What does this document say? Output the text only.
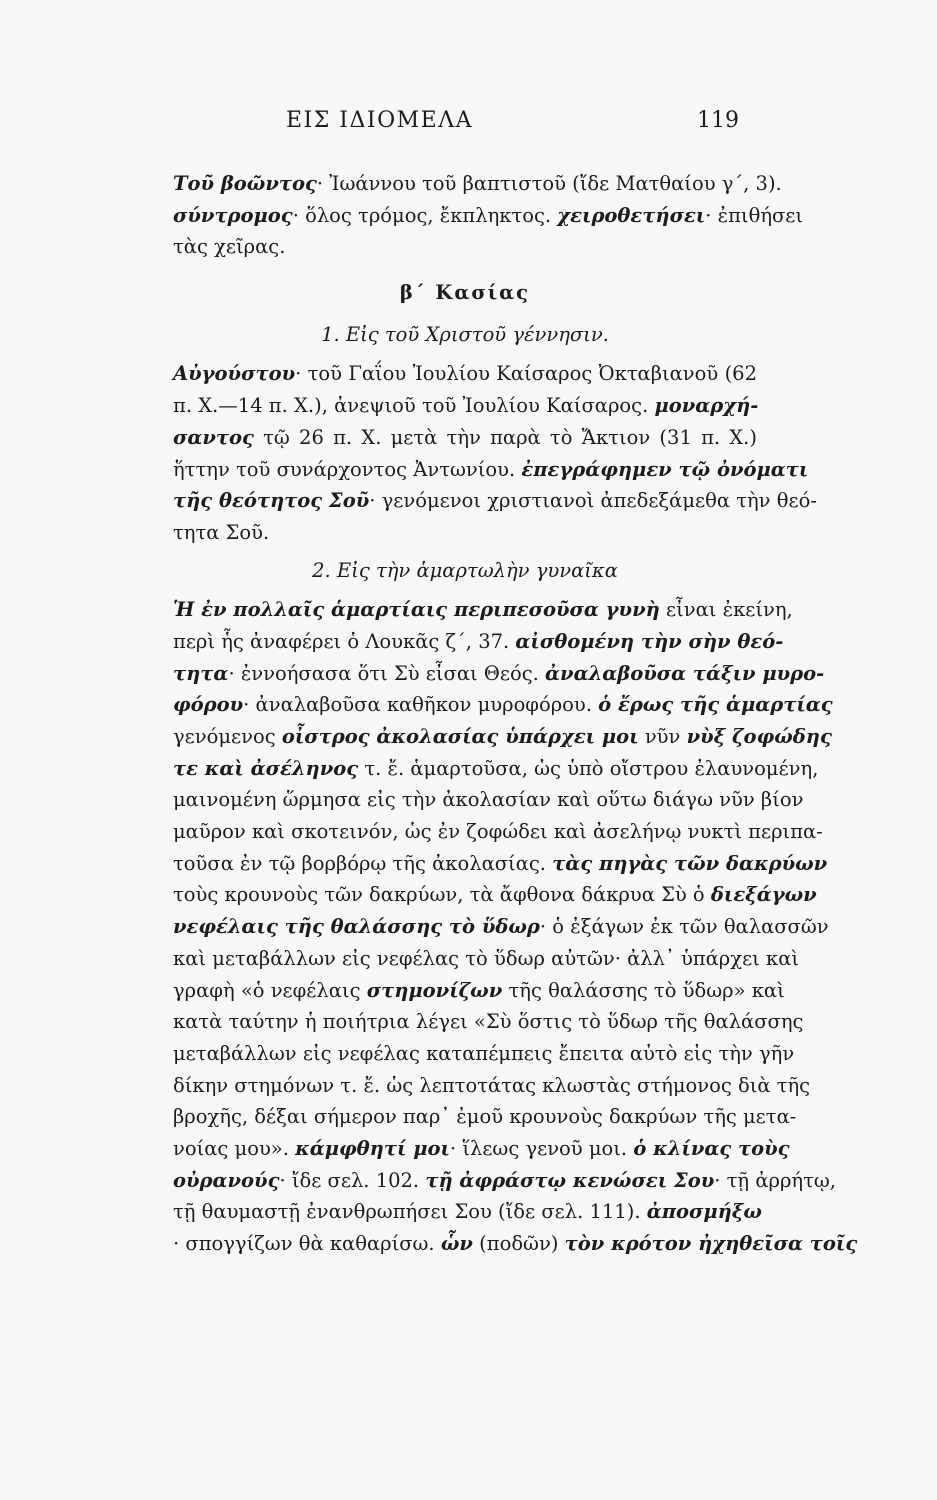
ΕΙΣ ΙΔΙΟΜΕΛΑ	119
Τοῦ βοῶντος· Ἰωάννου τοῦ βαπτιστοῦ (ἴδε Ματθαίου γ΄, 3).
σύντρομος· ὅλος τρόμος, ἔκπληκτος. χειροθετήσει· ἐπιθήσει
τὰς χεῖρας.
β΄ Κασίας
1. Εἰς τοῦ Χριστοῦ γέννησιν.
Αὐγούστου· τοῦ Γαΐου Ἰουλίου Καίσαρος Ὀκταβιανοῦ (62
π. Χ.—14 π. Χ.), ἀνεψιοῦ τοῦ Ἰουλίου Καίσαρος. μοναρχή-
σαντος τῷ 26 π. Χ. μετὰ τὴν παρὰ τὸ Ἄκτιον (31 π. Χ.)
ἥττην τοῦ συνάρχοντος Ἀντωνίου. ἐπεγράφημεν τῷ ὀνόματι
τῆς θεότητος Σοῦ· γενόμενοι χριστιανοὶ ἀπεδεξάμεθα τὴν θεό-
τητα Σοῦ.
2. Εἰς τὴν ἁμαρτωλὴν γυναῖκα
Ἡ ἐν πολλαῖς ἁμαρτίαις περιπεσοῦσα γυνὴ εἶναι ἐκείνη,
περὶ ἧς ἀναφέρει ὁ Λουκᾶς ζ΄, 37. αἰσθομένη τὴν σὴν θεό-
τητα· ἐννοήσασα ὅτι Σὺ εἶσαι Θεός. ἀναλαβοῦσα τάξιν μυρο-
φόρου· ἀναλαβοῦσα καθῆκον μυροφόρου. ὁ ἔρως τῆς ἁμαρτίας
γενόμενος οἶστρος ἀκολασίας ὑπάρχει μοι νῦν νὺξ ζοφώδης
τε καὶ ἀσέληνος τ. ἔ. ἁμαρτοῦσα, ὡς ὑπὸ οἴστρου ἐλαυνομένη,
μαινομένη ὥρμησα εἰς τὴν ἀκολασίαν καὶ οὕτω διάγω νῦν βίον
μαῦρον καὶ σκοτεινόν, ὡς ἐν ζοφώδει καὶ ἀσελήνῳ νυκτὶ περιπα-
τοῦσα ἐν τῷ βορβόρῳ τῆς ἀκολασίας. τὰς πηγὰς τῶν δακρύων
τοὺς κρουνοὺς τῶν δακρύων, τὰ ἄφθονα δάκρυα Σὺ ὁ διεξάγων
νεφέλαις τῆς θαλάσσης τὸ ὕδωρ· ὁ ἐξάγων ἐκ τῶν θαλασσῶν
καὶ μεταβάλλων εἰς νεφέλας τὸ ὕδωρ αὐτῶν· ἀλλ᾽ ὑπάρχει καὶ
γραφὴ «ὁ νεφέλαις στημονίζων τῆς θαλάσσης τὸ ὕδωρ» καὶ
κατὰ ταύτην ἡ ποιήτρια λέγει «Σὺ ὅστις τὸ ὕδωρ τῆς θαλάσσης
μεταβάλλων εἰς νεφέλας καταπέμπεις ἔπειτα αὐτὸ εἰς τὴν γῆν
δίκην στημόνων τ. ἔ. ὡς λεπτοτάτας κλωστὰς στήμονος διὰ τῆς
βροχῆς, δέξαι σήμερον παρ᾽ ἐμοῦ κρουνοὺς δακρύων τῆς μετα-
νοίας μου». κάμφθητί μοι· ἵλεως γενοῦ μοι. ὁ κλίνας τοὺς
οὐρανούς· ἴδε σελ. 102. τῇ ἀφράστῳ κενώσει Σου· τῇ ἀρρήτῳ,
τῇ θαυμαστῇ ἐνανθρωπήσει Σου (ἴδε σελ. 111). ἀποσμήξω
· σπογγίζων θὰ καθαρίσω. ὧν (ποδῶν) τὸν κρότον ἠχηθεῖσα τοῖς
